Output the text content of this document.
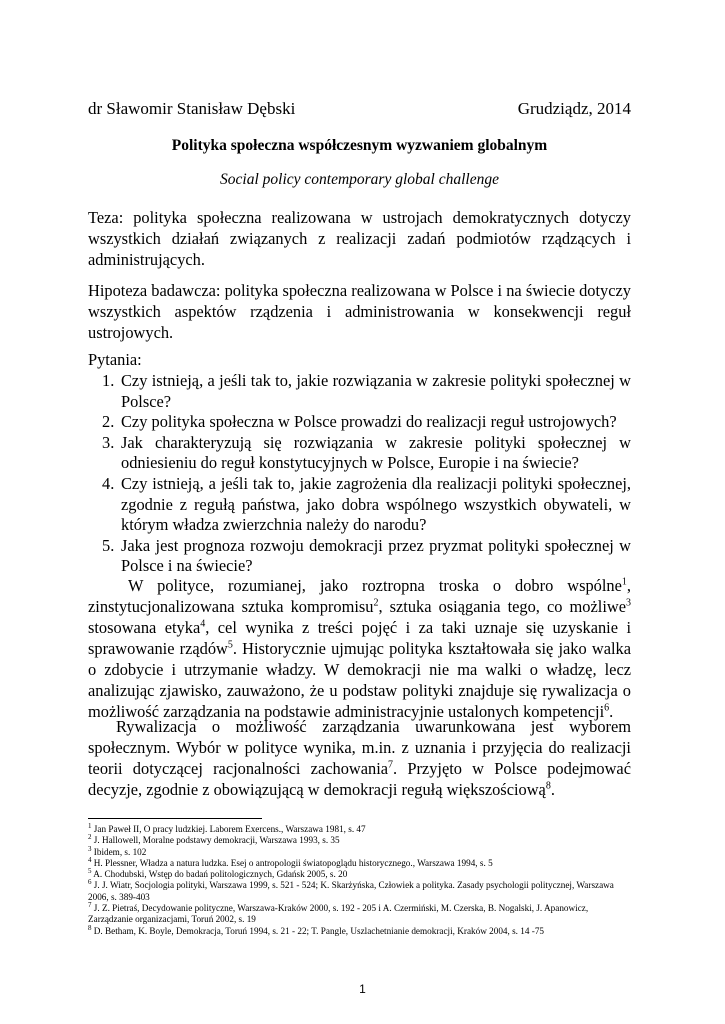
dr Sławomir Stanisław Dębski	Grudziądz, 2014
Polityka społeczna współczesnym wyzwaniem globalnym
Social policy contemporary global challenge
Teza: polityka społeczna realizowana w ustrojach demokratycznych dotyczy wszystkich działań związanych z realizacji zadań podmiotów rządzących i administrujących.
Hipoteza badawcza: polityka społeczna realizowana w Polsce i na świecie dotyczy wszystkich aspektów rządzenia i administrowania w konsekwencji reguł ustrojowych.
Pytania:
1. Czy istnieją, a jeśli tak to, jakie rozwiązania w zakresie polityki społecznej w Polsce?
2. Czy polityka społeczna w Polsce prowadzi do realizacji reguł ustrojowych?
3. Jak charakteryzują się rozwiązania w zakresie polityki społecznej w odniesieniu do reguł konstytucyjnych w Polsce, Europie i na świecie?
4. Czy istnieją, a jeśli tak to, jakie zagrożenia dla realizacji polityki społecznej, zgodnie z regułą państwa, jako dobra wspólnego wszystkich obywateli, w którym władza zwierzchnia należy do narodu?
5. Jaka jest prognoza rozwoju demokracji przez pryzmat polityki społecznej w Polsce i na świecie?
W polityce, rozumianej, jako roztropna troska o dobro wspólne$^1$, zinstytucjonalizowana sztuka kompromisu$^2$, sztuka osiągania tego, co możliwe$^3$ stosowana etyka$^4$, cel wynika z treści pojęć i za taki uznaje się uzyskanie i sprawowanie rządów$^5$. Historycznie ujmując polityka kształtowała się jako walka o zdobycie i utrzymanie władzy. W demokracji nie ma walki o władzę, lecz analizując zjawisko, zauważono, że u podstaw polityki znajduje się rywalizacja o możliwość zarządzania na podstawie administracyjnie ustalonych kompetencji$^6$.
Rywalizacja o możliwość zarządzania uwarunkowana jest wyborem społecznym. Wybór w polityce wynika, m.in. z uznania i przyjęcia do realizacji teorii dotyczącej racjonalności zachowania$^7$. Przyjęto w Polsce podejmować decyzje, zgodnie z obowiązującą w demokracji regułą większościową$^8$.
$^1$ Jan Paweł II, O pracy ludzkiej. Laborem Exercens., Warszawa 1981, s. 47
$^2$ J. Hallowell, Moralne podstawy demokracji, Warszawa 1993, s. 35
$^3$ Ibidem, s. 102
$^4$ H. Plessner, Władza a natura ludzka. Esej o antropologii światopoglądu historycznego., Warszawa 1994, s. 5
$^5$ A. Chodubski, Wstęp do badań politologicznych, Gdańsk 2005, s. 20
$^6$ J. J. Wiatr, Socjologia polityki, Warszawa 1999, s. 521 - 524; K. Skarżyńska, Człowiek a polityka. Zasady psychologii politycznej, Warszawa 2006, s. 389-403
$^7$ J. Z. Pietraś, Decydowanie polityczne, Warszawa-Kraków 2000, s. 192 - 205 i A. Czermiński, M. Czerska, B. Nogalski, J. Apanowicz, Zarządzanie organizacjami, Toruń 2002, s. 19
$^8$ D. Betham, K. Boyle, Demokracja, Toruń 1994, s. 21 - 22; T. Pangle, Uszlachetnianie demokracji, Kraków 2004, s. 14 -75
1
